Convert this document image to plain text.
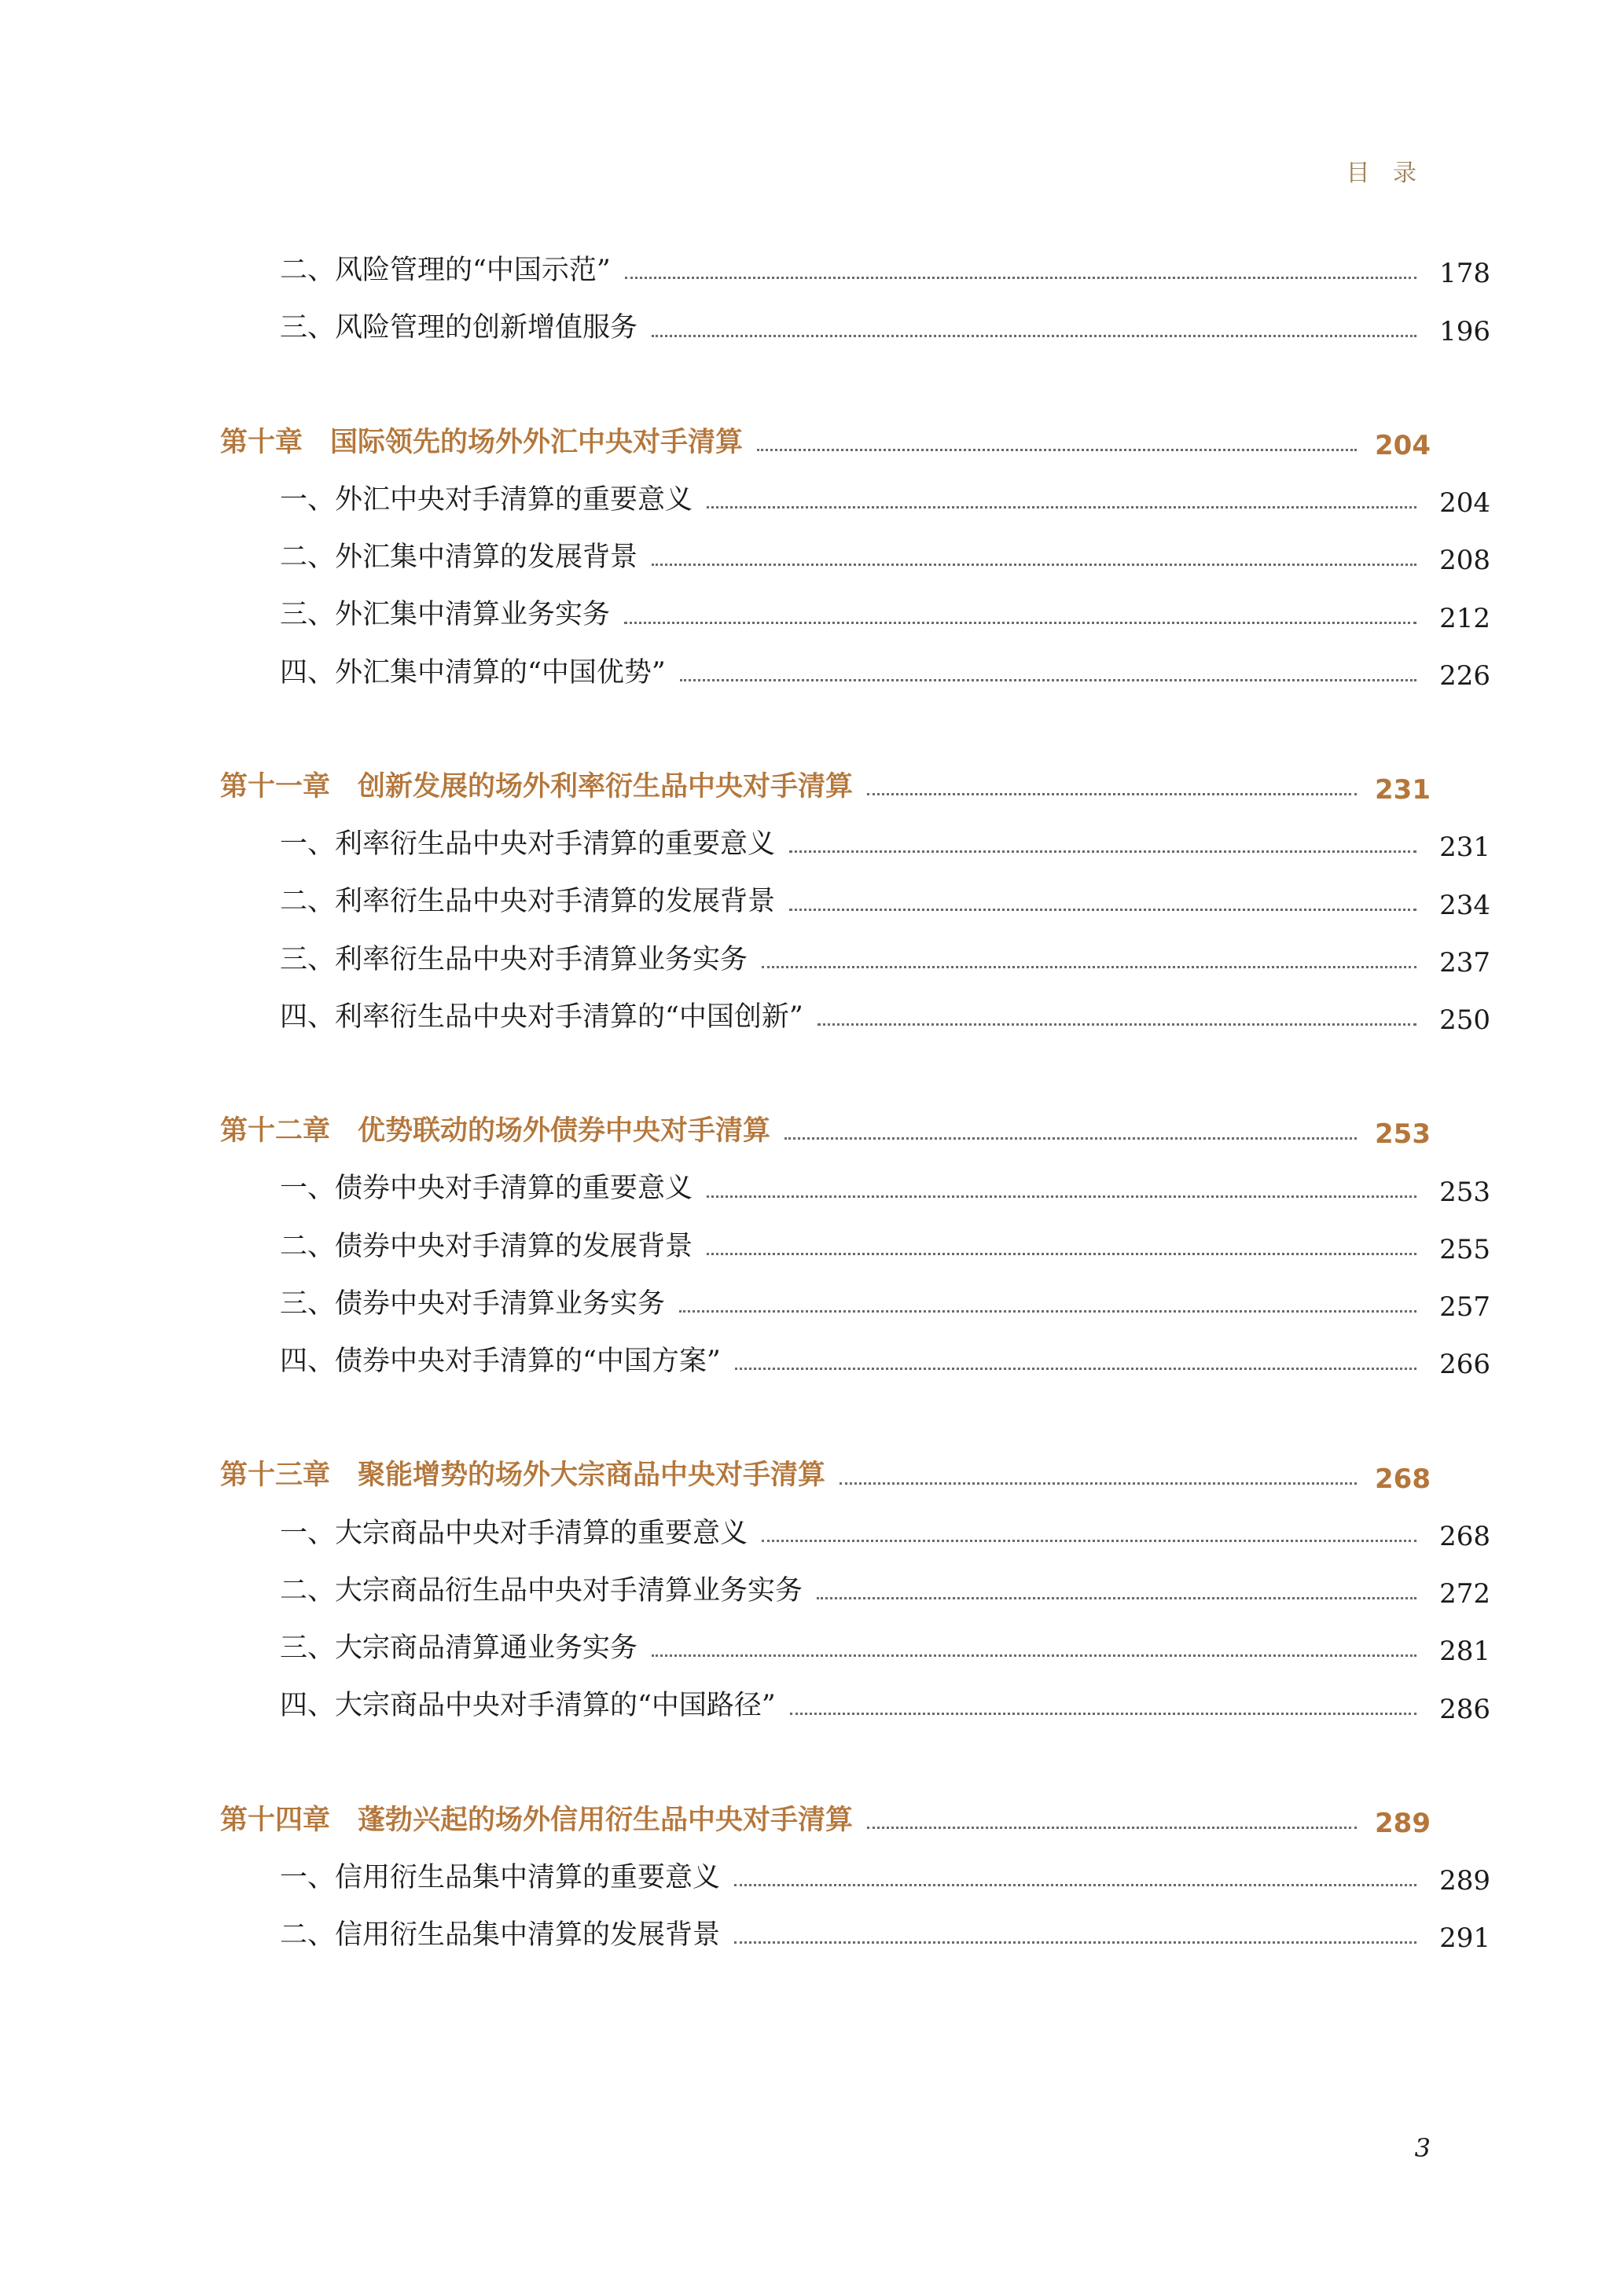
目 录
二、风险管理的“中国示范”	178
三、风险管理的创新增值服务	196
第十章　国际领先的场外外汇中央对手清算	204
一、外汇中央对手清算的重要意义	204
二、外汇集中清算的发展背景	208
三、外汇集中清算业务实务	212
四、外汇集中清算的“中国优势”	226
第十一章　创新发展的场外利率衍生品中央对手清算	231
一、利率衍生品中央对手清算的重要意义	231
二、利率衍生品中央对手清算的发展背景	234
三、利率衍生品中央对手清算业务实务	237
四、利率衍生品中央对手清算的“中国创新”	250
第十二章　优势联动的场外债券中央对手清算	253
一、债券中央对手清算的重要意义	253
二、债券中央对手清算的发展背景	255
三、债券中央对手清算业务实务	257
四、债券中央对手清算的“中国方案”	266
第十三章　聚能增势的场外大宗商品中央对手清算	268
一、大宗商品中央对手清算的重要意义	268
二、大宗商品衍生品中央对手清算业务实务	272
三、大宗商品清算通业务实务	281
四、大宗商品中央对手清算的“中国路径”	286
第十四章　蓬勃兴起的场外信用衍生品中央对手清算	289
一、信用衍生品集中清算的重要意义	289
二、信用衍生品集中清算的发展背景	291
3
